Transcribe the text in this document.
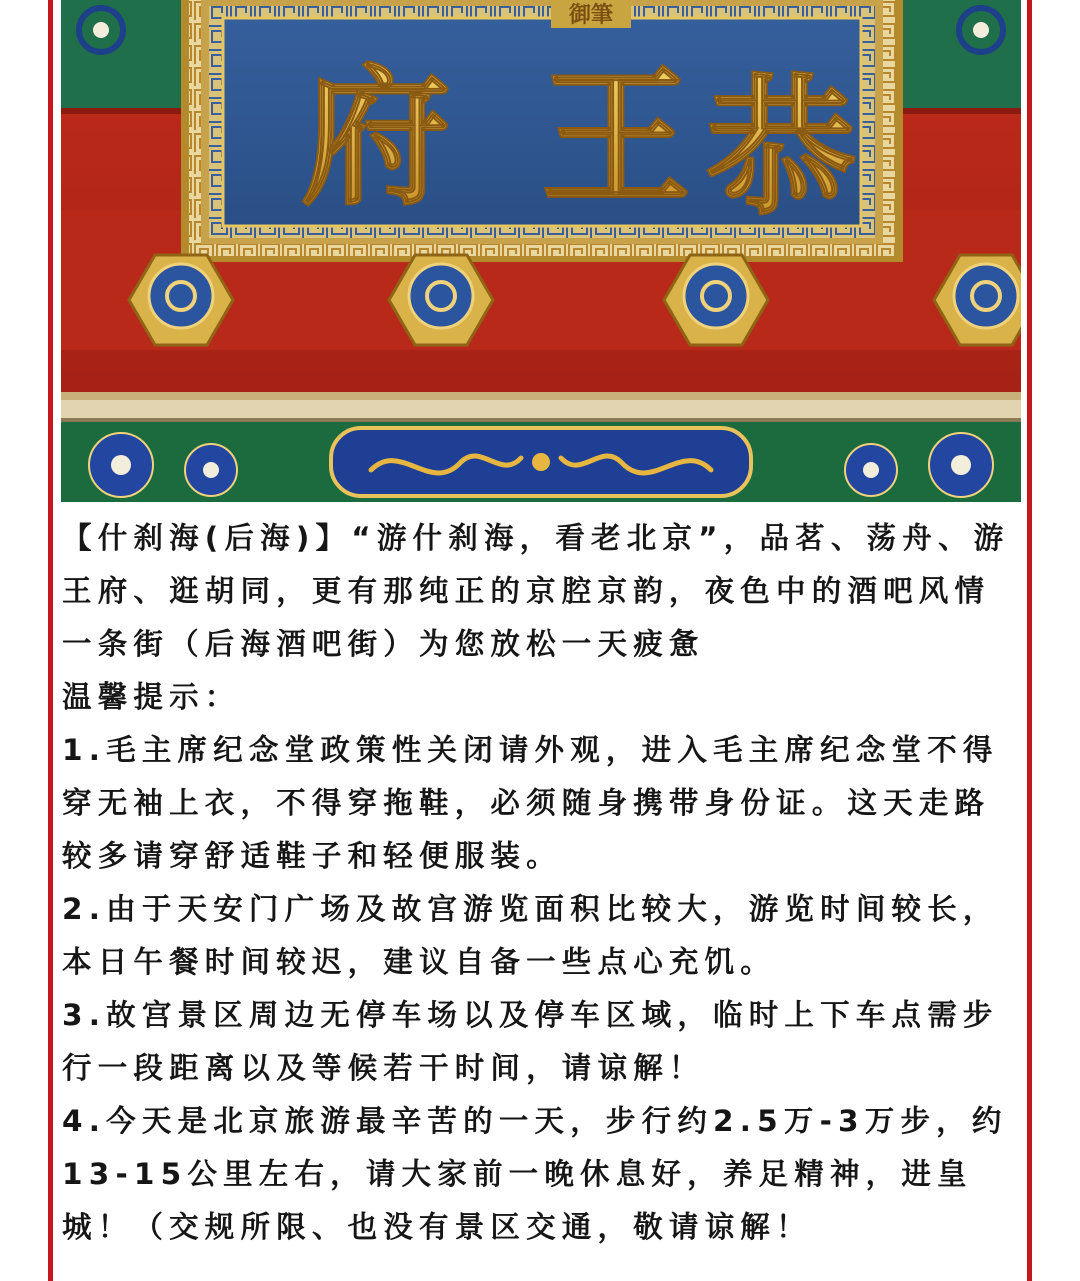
御筆
府 王 恭

【什刹海(后海)】“游什刹海，看老北京”，品茗、荡舟、游王府、逛胡同，更有那纯正的京腔京韵，夜色中的酒吧风情一条街（后海酒吧街）为您放松一天疲惫

温馨提示：

1.毛主席纪念堂政策性关闭请外观，进入毛主席纪念堂不得穿无袖上衣，不得穿拖鞋，必须随身携带身份证。这天走路较多请穿舒适鞋子和轻便服装。

2.由于天安门广场及故宫游览面积比较大，游览时间较长，本日午餐时间较迟，建议自备一些点心充饥。

3.故宫景区周边无停车场以及停车区域，临时上下车点需步行一段距离以及等候若干时间，请谅解！

4.今天是北京旅游最辛苦的一天，步行约2.5万-3万步，约13-15公里左右，请大家前一晚休息好，养足精神，进皇城！（交规所限、也没有景区交通，敬请谅解！
